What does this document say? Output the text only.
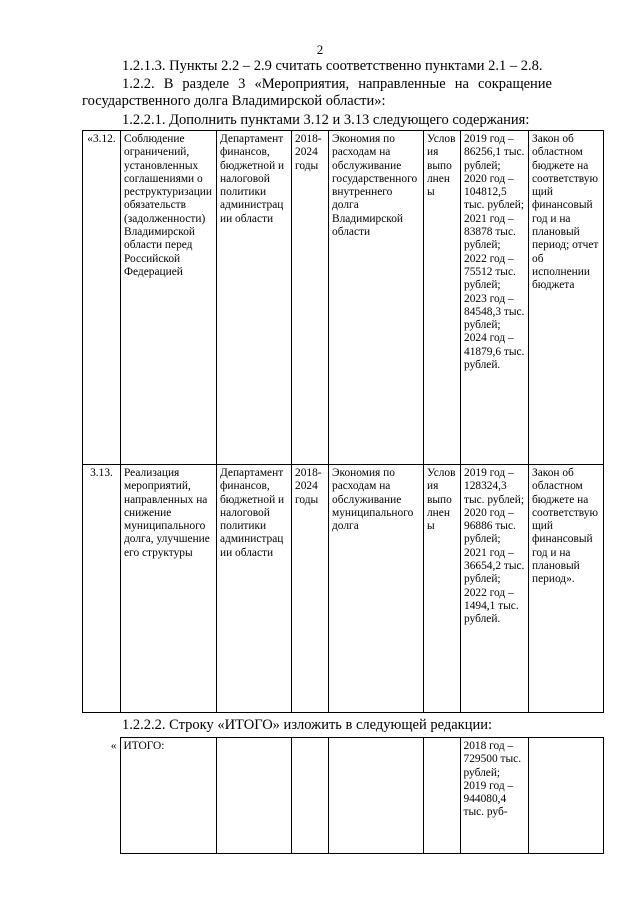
2
1.2.1.3. Пункты 2.2 – 2.9 считать соответственно пунктами 2.1 – 2.8.
1.2.2. В разделе 3 «Мероприятия, направленные на сокращение государственного долга Владимирской области»:
1.2.2.1. Дополнить пунктами 3.12 и 3.13 следующего содержания:
«3.12.	Соблюдение ограничений, установленных соглашениями о реструктуризации обязательств (задолженности) Владимирской области перед Российской Федерацией	Департамент финансов, бюджетной и налоговой политики администрации области	2018-2024 годы	Экономия по расходам на обслуживание государственного внутреннего долга Владимирской области	Условия выполнены	2019 год – 86256,1 тыс. рублей; 2020 год – 104812,5 тыс. рублей; 2021 год – 83878 тыс. рублей; 2022 год – 75512 тыс. рублей; 2023 год – 84548,3 тыс. рублей; 2024 год – 41879,6 тыс. рублей.	Закон об областном бюджете на соответствующий финансовый год и на плановый период; отчет об исполнении бюджета
3.13.	Реализация мероприятий, направленных на снижение муниципального долга, улучшение его структуры	Департамент финансов, бюджетной и налоговой политики администрации области	2018-2024 годы	Экономия по расходам на обслуживание муниципального долга	Условия выполнены	2019 год – 128324,3 тыс. рублей; 2020 год – 96886 тыс. рублей; 2021 год – 36654,2 тыс. рублей; 2022 год – 1494,1 тыс. рублей.	Закон об областном бюджете на соответствующий финансовый год и на плановый период».
1.2.2.2. Строку «ИТОГО» изложить в следующей редакции:
«	ИТОГО:					2018 год – 729500 тыс. рублей; 2019 год – 944080,4 тыс. руб-	
